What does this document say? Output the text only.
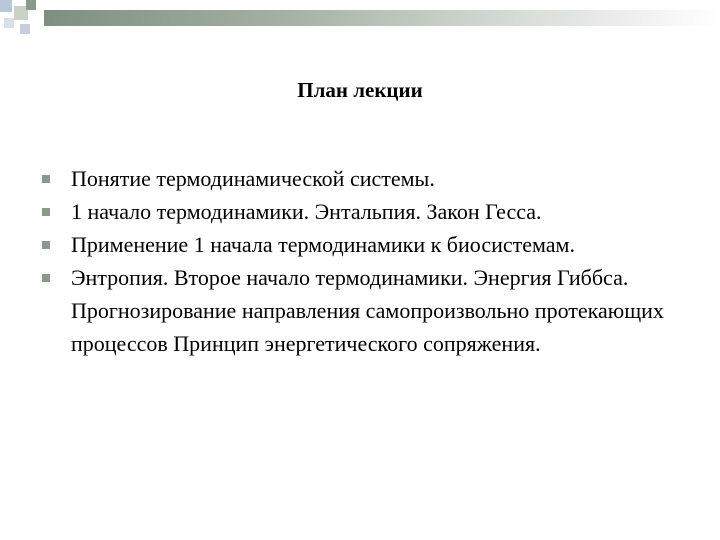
План лекции
Понятие термодинамической системы.
1 начало термодинамики. Энтальпия. Закон Гесса.
Применение 1 начала термодинамики к биосистемам.
Энтропия. Второе начало термодинамики. Энергия Гиббса. Прогнозирование направления самопроизвольно протекающих процессов Принцип энергетического сопряжения.
